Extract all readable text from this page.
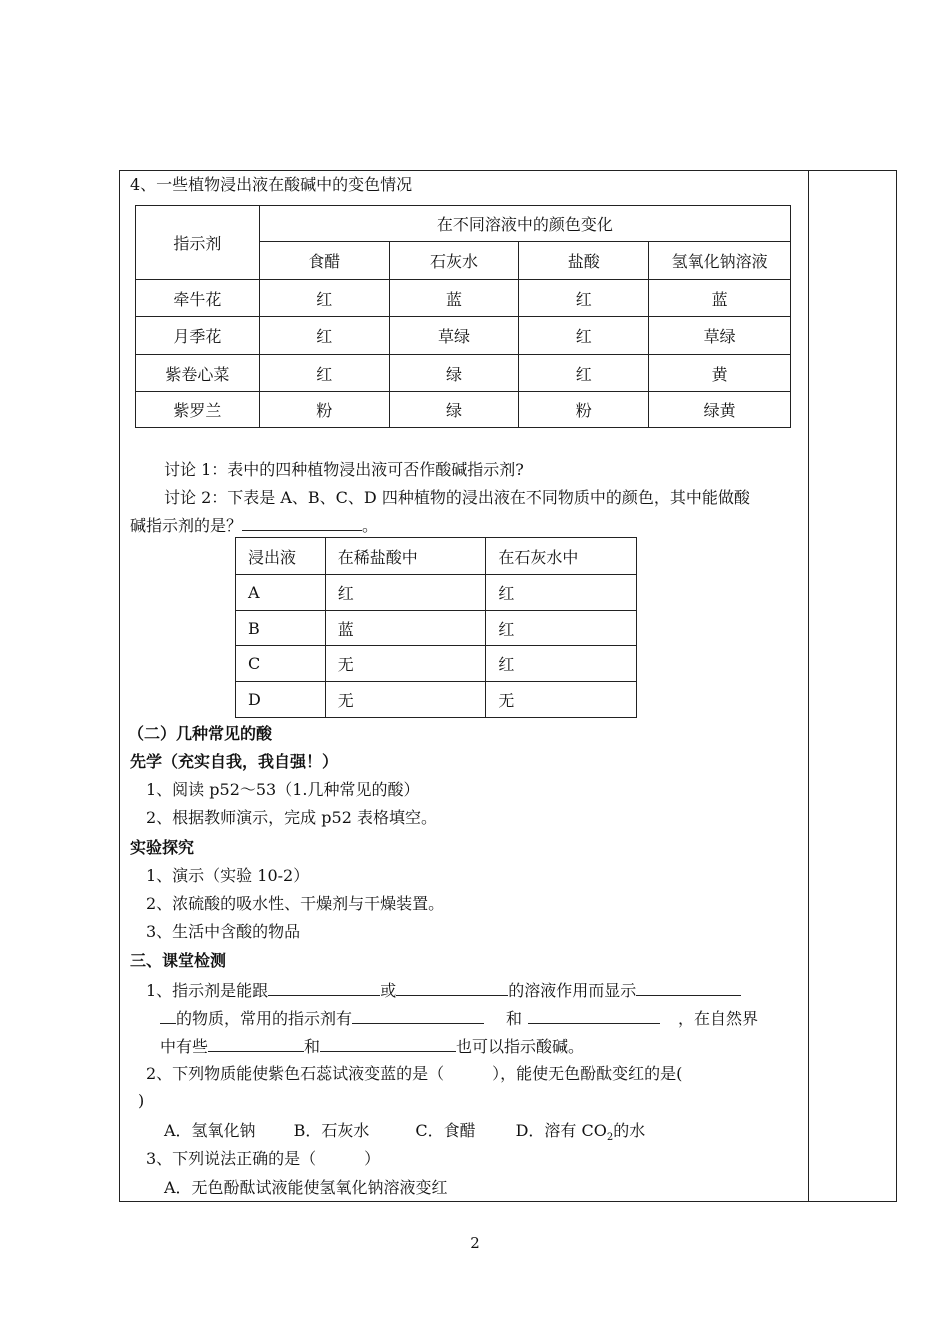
4、一些植物浸出液在酸碱中的变色情况
指示剂	在不同溶液中的颜色变化			
	食醋	石灰水	盐酸	氢氧化钠溶液
牵牛花	红	蓝	红	蓝
月季花	红	草绿	红	草绿
紫卷心菜	红	绿	红	黄
紫罗兰	粉	绿	粉	绿黄
讨论 1：表中的四种植物浸出液可否作酸碱指示剂?
讨论 2：下表是 A、B、C、D 四种植物的浸出液在不同物质中的颜色，其中能做酸
碱指示剂的是？	。
浸出液	在稀盐酸中	在石灰水中
A	红	红
B	蓝	红
C	无	红
D	无	无
（二）几种常见的酸
先学（充实自我，我自强！）
1、阅读 p52～53（1.几种常见的酸）
2、根据教师演示，完成 p52 表格填空。
实验探究
1、演示（实验 10-2）
2、浓硫酸的吸水性、干燥剂与干燥装置。
3、生活中含酸的物品
三、课堂检测
1、指示剂是能跟	或	的溶液作用而显示
的物质，常用的指示剂有	和	，在自然界
中有些	和	也可以指示酸碱。
2、下列物质能使紫色石蕊试液变蓝的是（　　　），能使无色酚酞变红的是(
)
A．氢氧化钠 B．石灰水	C．食醋	D．溶有 $CO_2$的水
3、下列说法正确的是（　　　）
A．无色酚酞试液能使氢氧化钠溶液变红
2
